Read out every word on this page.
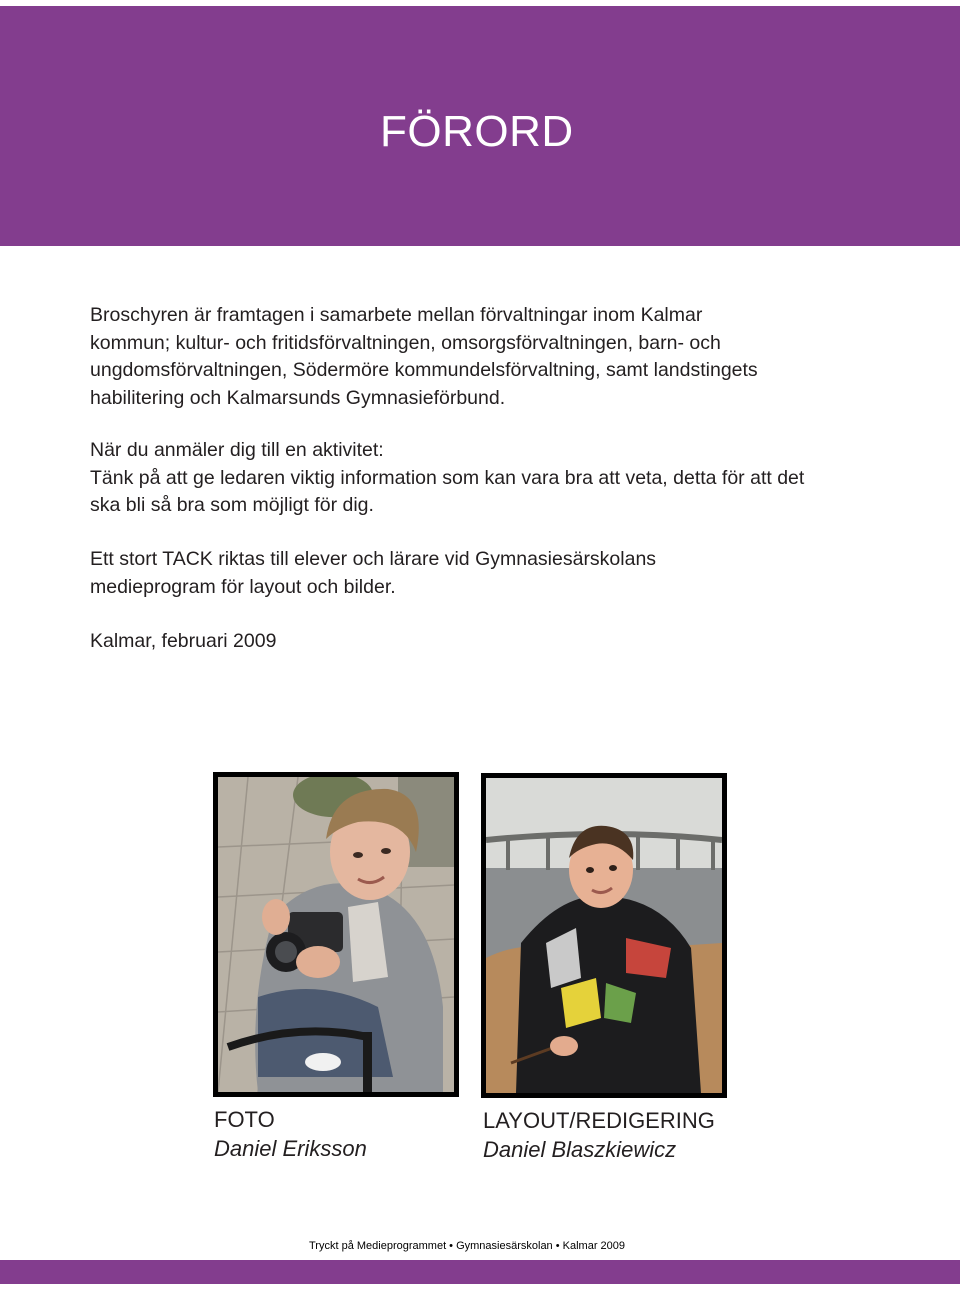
FÖRORD

Broschyren är framtagen i samarbete mellan förvaltningar inom Kalmar
kommun; kultur- och fritidsförvaltningen, omsorgsförvaltningen, barn- och
ungdomsförvaltningen, Södermöre kommundelsförvaltning, samt landstingets
habilitering och Kalmarsunds Gymnasieförbund.

När du anmäler dig till en aktivitet:
Tänk på att ge ledaren viktig information som kan vara bra att veta, detta för att det
ska bli så bra som möjligt för dig.

Ett stort TACK riktas till elever och lärare vid Gymnasiesärskolans
medieprogram för layout och bilder.

Kalmar, februari 2009

FOTO

Daniel Eriksson

LAYOUT/REDIGERING

Daniel Blaszkiewicz

Tryckt på Medieprogrammet • Gymnasiesärskolan • Kalmar 2009
